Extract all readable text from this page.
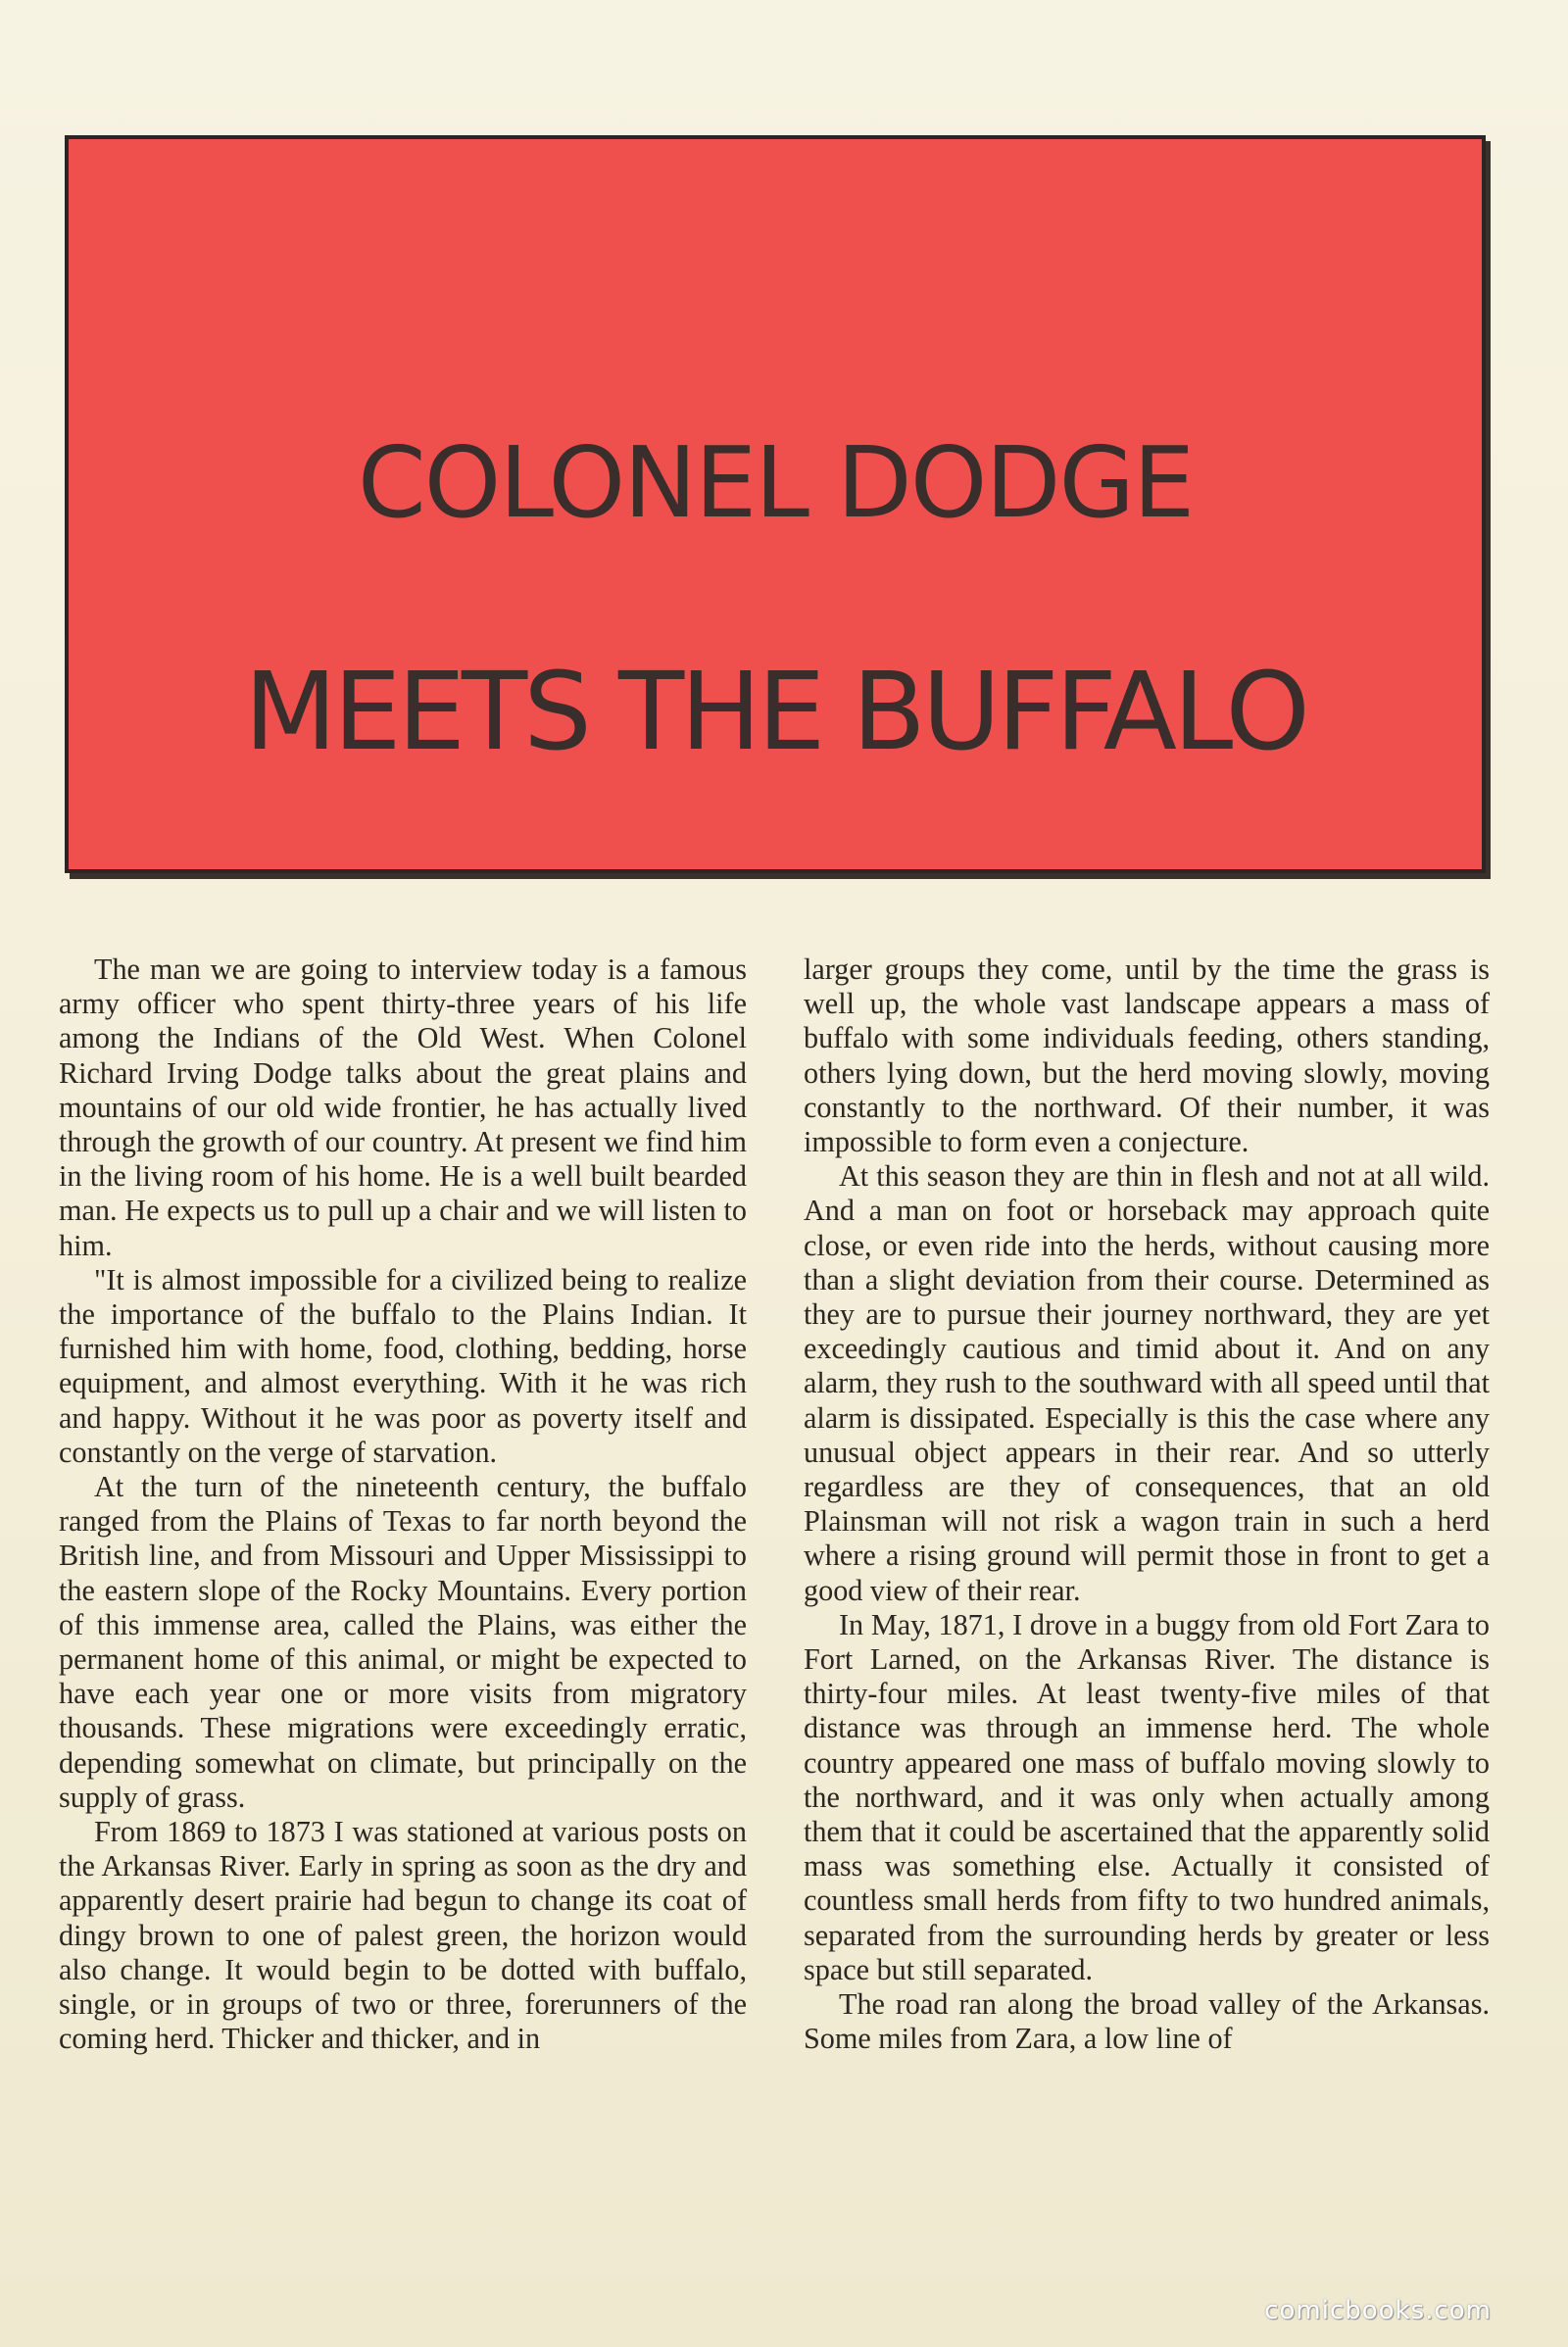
COLONEL DODGE
MEETS THE BUFFALO

The man we are going to interview today is a famous army officer who spent thirty-three years of his life among the Indians of the Old West. When Colonel Richard Irving Dodge talks about the great plains and mountains of our old wide frontier, he has actually lived through the growth of our country. At present we find him in the living room of his home. He is a well built bearded man. He expects us to pull up a chair and we will listen to him.

"It is almost impossible for a civilized being to realize the importance of the buffalo to the Plains Indian. It furnished him with home, food, clothing, bedding, horse equipment, and almost everything. With it he was rich and happy. Without it he was poor as poverty itself and constantly on the verge of starvation.

At the turn of the nineteenth century, the buffalo ranged from the Plains of Texas to far north beyond the British line, and from Missouri and Upper Mississippi to the eastern slope of the Rocky Mountains. Every portion of this immense area, called the Plains, was either the permanent home of this animal, or might be expected to have each year one or more visits from migratory thousands. These migrations were exceedingly erratic, depending somewhat on climate, but principally on the supply of grass.

From 1869 to 1873 I was stationed at various posts on the Arkansas River. Early in spring as soon as the dry and apparently desert prairie had begun to change its coat of dingy brown to one of palest green, the horizon would also change. It would begin to be dotted with buffalo, single, or in groups of two or three, forerunners of the coming herd. Thicker and thicker, and in

larger groups they come, until by the time the grass is well up, the whole vast landscape appears a mass of buffalo with some individuals feeding, others standing, others lying down, but the herd moving slowly, moving constantly to the northward. Of their number, it was impossible to form even a conjecture.

At this season they are thin in flesh and not at all wild. And a man on foot or horseback may approach quite close, or even ride into the herds, without causing more than a slight deviation from their course. Determined as they are to pursue their journey northward, they are yet exceedingly cautious and timid about it. And on any alarm, they rush to the southward with all speed until that alarm is dissipated. Especially is this the case where any unusual object appears in their rear. And so utterly regardless are they of consequences, that an old Plainsman will not risk a wagon train in such a herd where a rising ground will permit those in front to get a good view of their rear.

In May, 1871, I drove in a buggy from old Fort Zara to Fort Larned, on the Arkansas River. The distance is thirty-four miles. At least twenty-five miles of that distance was through an immense herd. The whole country appeared one mass of buffalo moving slowly to the northward, and it was only when actually among them that it could be ascertained that the apparently solid mass was something else. Actually it consisted of countless small herds from fifty to two hundred animals, separated from the surrounding herds by greater or less space but still separated.

The road ran along the broad valley of the Arkansas. Some miles from Zara, a low line of

comicbooks.com
